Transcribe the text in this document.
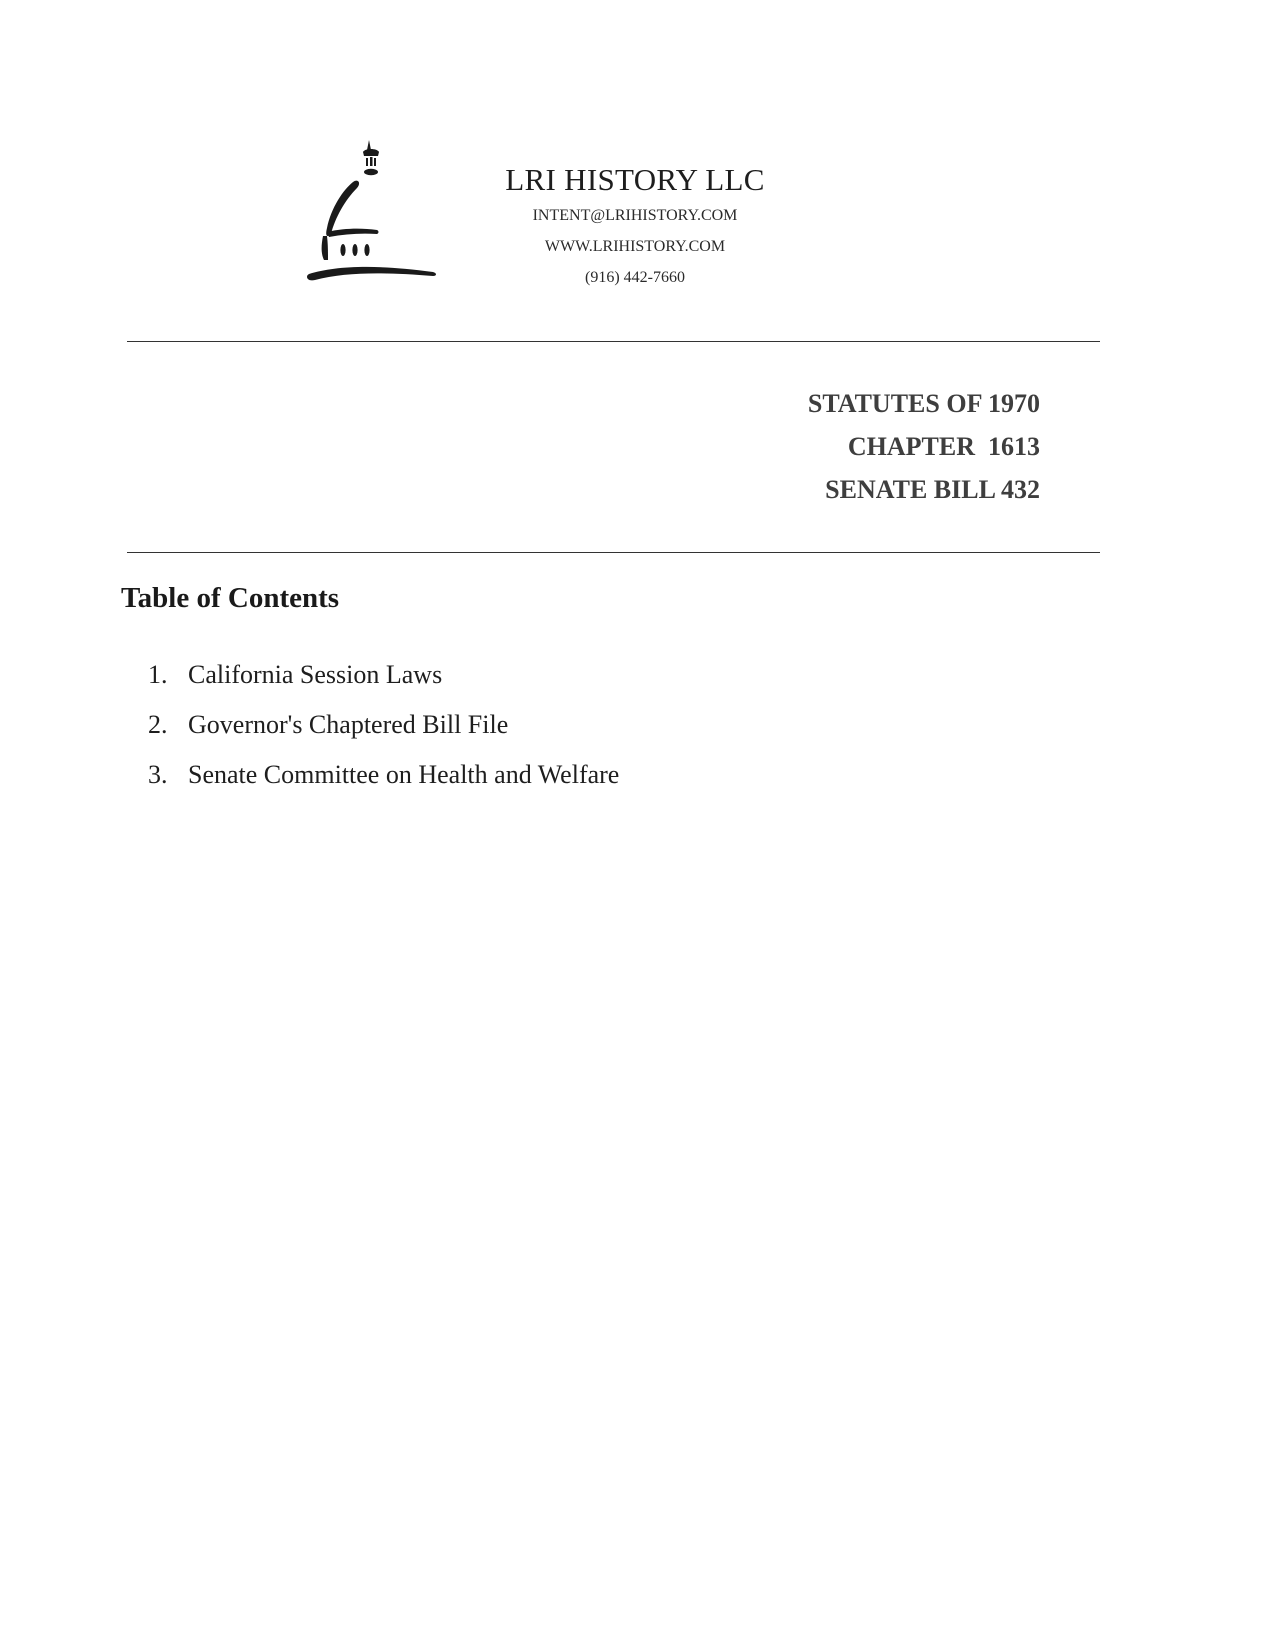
LRI HISTORY LLC
INTENT@LRIHISTORY.COM
WWW.LRIHISTORY.COM
(916) 442-7660
STATUTES OF 1970
CHAPTER  1613
SENATE BILL 432
Table of Contents
1. California Session Laws
2. Governor's Chaptered Bill File
3. Senate Committee on Health and Welfare
